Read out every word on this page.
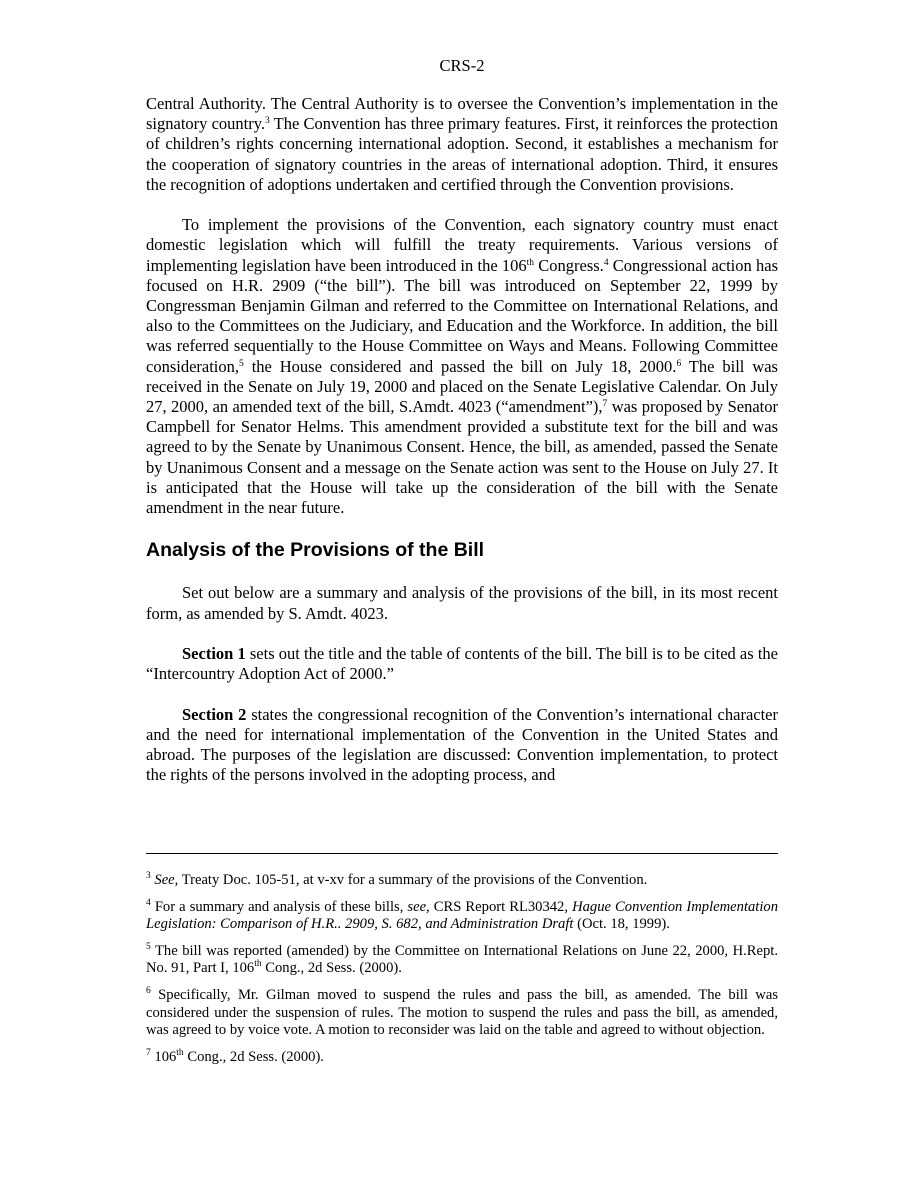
CRS-2

Central Authority. The Central Authority is to oversee the Convention’s implementation in the signatory country.$^3$ The Convention has three primary features. First, it reinforces the protection of children’s rights concerning international adoption. Second, it establishes a mechanism for the cooperation of signatory countries in the areas of international adoption. Third, it ensures the recognition of adoptions undertaken and certified through the Convention provisions.

To implement the provisions of the Convention, each signatory country must enact domestic legislation which will fulfill the treaty requirements. Various versions of implementing legislation have been introduced in the 106th Congress.$^4$ Congressional action has focused on H.R. 2909 (“the bill”). The bill was introduced on September 22, 1999 by Congressman Benjamin Gilman and referred to the Committee on International Relations, and also to the Committees on the Judiciary, and Education and the Workforce. In addition, the bill was referred sequentially to the House Committee on Ways and Means. Following Committee consideration,$^5$ the House considered and passed the bill on July 18, 2000.$^6$ The bill was received in the Senate on July 19, 2000 and placed on the Senate Legislative Calendar. On July 27, 2000, an amended text of the bill, S.Amdt. 4023 (“amendment”),$^7$ was proposed by Senator Campbell for Senator Helms. This amendment provided a substitute text for the bill and was agreed to by the Senate by Unanimous Consent. Hence, the bill, as amended, passed the Senate by Unanimous Consent and a message on the Senate action was sent to the House on July 27. It is anticipated that the House will take up the consideration of the bill with the Senate amendment in the near future.

Analysis of the Provisions of the Bill

Set out below are a summary and analysis of the provisions of the bill, in its most recent form, as amended by S. Amdt. 4023.

Section 1 sets out the title and the table of contents of the bill. The bill is to be cited as the “Intercountry Adoption Act of 2000.”

Section 2 states the congressional recognition of the Convention’s international character and the need for international implementation of the Convention in the United States and abroad. The purposes of the legislation are discussed: Convention implementation, to protect the rights of the persons involved in the adopting process, and

$^3$ See, Treaty Doc. 105-51, at v-xv for a summary of the provisions of the Convention.

$^4$ For a summary and analysis of these bills, see, CRS Report RL30342, Hague Convention Implementation Legislation: Comparison of H.R.. 2909, S. 682, and Administration Draft (Oct. 18, 1999).

$^5$ The bill was reported (amended) by the Committee on International Relations on June 22, 2000, H.Rept. No. 91, Part I, 106th Cong., 2d Sess. (2000).

$^6$ Specifically, Mr. Gilman moved to suspend the rules and pass the bill, as amended. The bill was considered under the suspension of rules. The motion to suspend the rules and pass the bill, as amended, was agreed to by voice vote. A motion to reconsider was laid on the table and agreed to without objection.

$^7$ 106th Cong., 2d Sess. (2000).
